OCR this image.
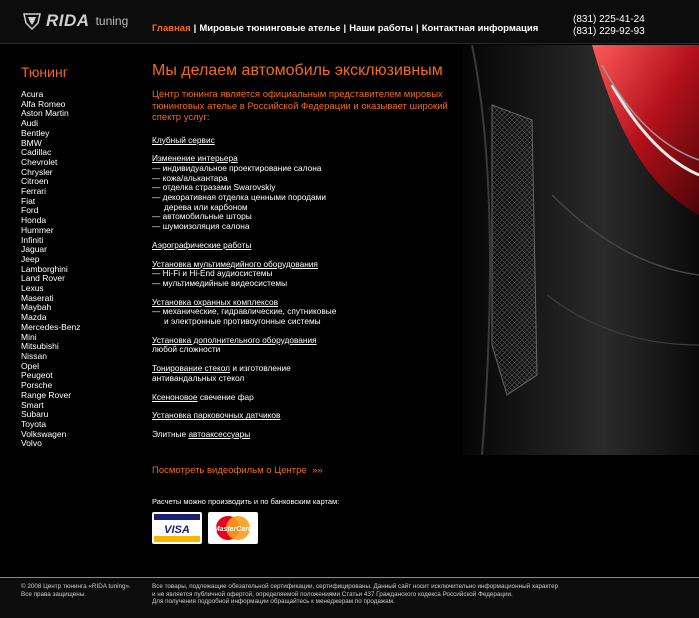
RIDA tuning
Главная | Мировые тюнинговые ателье | Наши работы | Контактная информация
(831) 225-41-24
(831) 229-92-93
Тюнинг
Acura
Alfa Romeo
Aston Martin
Audi
Bentley
BMW
Cadillac
Chevrolet
Chrysler
Citroen
Ferrari
Fiat
Ford
Honda
Hummer
Infiniti
Jaguar
Jeep
Lamborghini
Land Rover
Lexus
Maserati
Maybah
Mazda
Mercedes-Benz
Mini
Mitsubishi
Nissan
Opel
Peugeot
Porsche
Range Rover
Smart
Subaru
Toyota
Volkswagen
Volvo
Мы делаем автомобиль эксклюзивным

Центр тюнинга является официальным представителем мировых тюнинговых ателье в Российской Федерации и оказывает широкий спектр услуг:

Клубный сервис
Изменение интерьера
— индивидуальное проектирование салона
— кожа/алькантара
— отделка стразами Swarovskiy
— декоративная отделка ценными породами
дерева или карбоном
— автомобильные шторы
— шумоизоляция салона
Аэрографические работы
Установка мультимедийного оборудования
— Hi-Fi и Hi-End аудиосистемы
— мультимедийные видеосистемы
Установка охранных комплексов
— механические, гидравлические, спутниковые
и электронные противоугонные системы
Установка дополнительного оборудования
любой сложности
Тонирование стекол и изготовление
антивандальных стекол
Ксеноновое свечение фар
Установка парковочных датчиков
Элитные автоаксессуары
Посмотреть видеофильм о Центре »»
Расчеты можно производить и по банковским картам:
VISA	MasterCard
© 2008 Центр тюнинга «RIDA tuning».
Все права защищены.
Все товары, подлежащие обязательной сертификации, сертифицированы. Данный сайт носит исключительно информационный характер
и не является публичной офертой, определяемой положениями Статьи 437 Гражданского кодекса Российской Федерации.
Для получения подробной информации обращайтесь к менеджерам по продажам.
